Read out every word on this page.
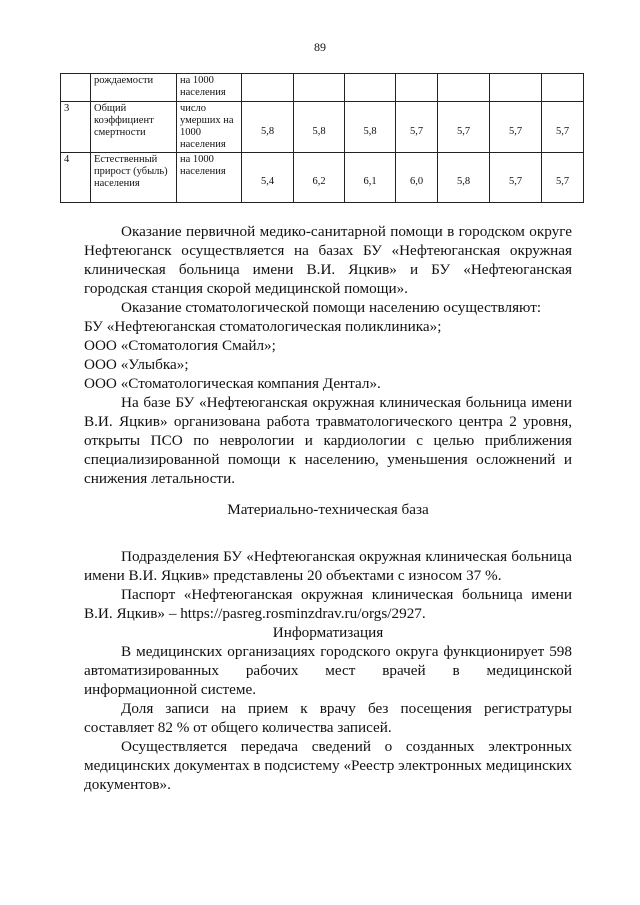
89
	рождаемости	на 1000 населения							
3	Общий коэффициент смертности	число умерших на 1000 населения	5,8	5,8	5,8	5,7	5,7	5,7	5,7
4	Естественный прирост (убыль) населения	на 1000 населения	5,4	6,2	6,1	6,0	5,8	5,7	5,7

Оказание первичной медико-санитарной помощи в городском округе Нефтеюганск осуществляется на базах БУ «Нефтеюганская окружная клиническая больница имени В.И. Яцкив» и БУ «Нефтеюганская городская станция скорой медицинской помощи».

Оказание стоматологической помощи населению осуществляют:

БУ «Нефтеюганская стоматологическая поликлиника»;

ООО «Стоматология Смайл»;

ООО «Улыбка»;

ООО «Стоматологическая компания Дентал».

На базе БУ «Нефтеюганская окружная клиническая больница имени В.И. Яцкив» организована работа травматологического центра 2 уровня, открыты ПСО по неврологии и кардиологии с целью приближения специализированной помощи к населению, уменьшения осложнений и снижения летальности.

Материально-техническая база

Подразделения БУ «Нефтеюганская окружная клиническая больница имени В.И. Яцкив» представлены 20 объектами с износом 37 %.

Паспорт «Нефтеюганская окружная клиническая больница имени В.И. Яцкив» – https://pasreg.rosminzdrav.ru/orgs/2927.

Информатизация

В медицинских организациях городского округа функционирует 598 автоматизированных рабочих мест врачей в медицинской информационной системе.

Доля записи на прием к врачу без посещения регистратуры составляет 82 % от общего количества записей.

Осуществляется передача сведений о созданных электронных медицинских документах в подсистему «Реестр электронных медицинских документов».
